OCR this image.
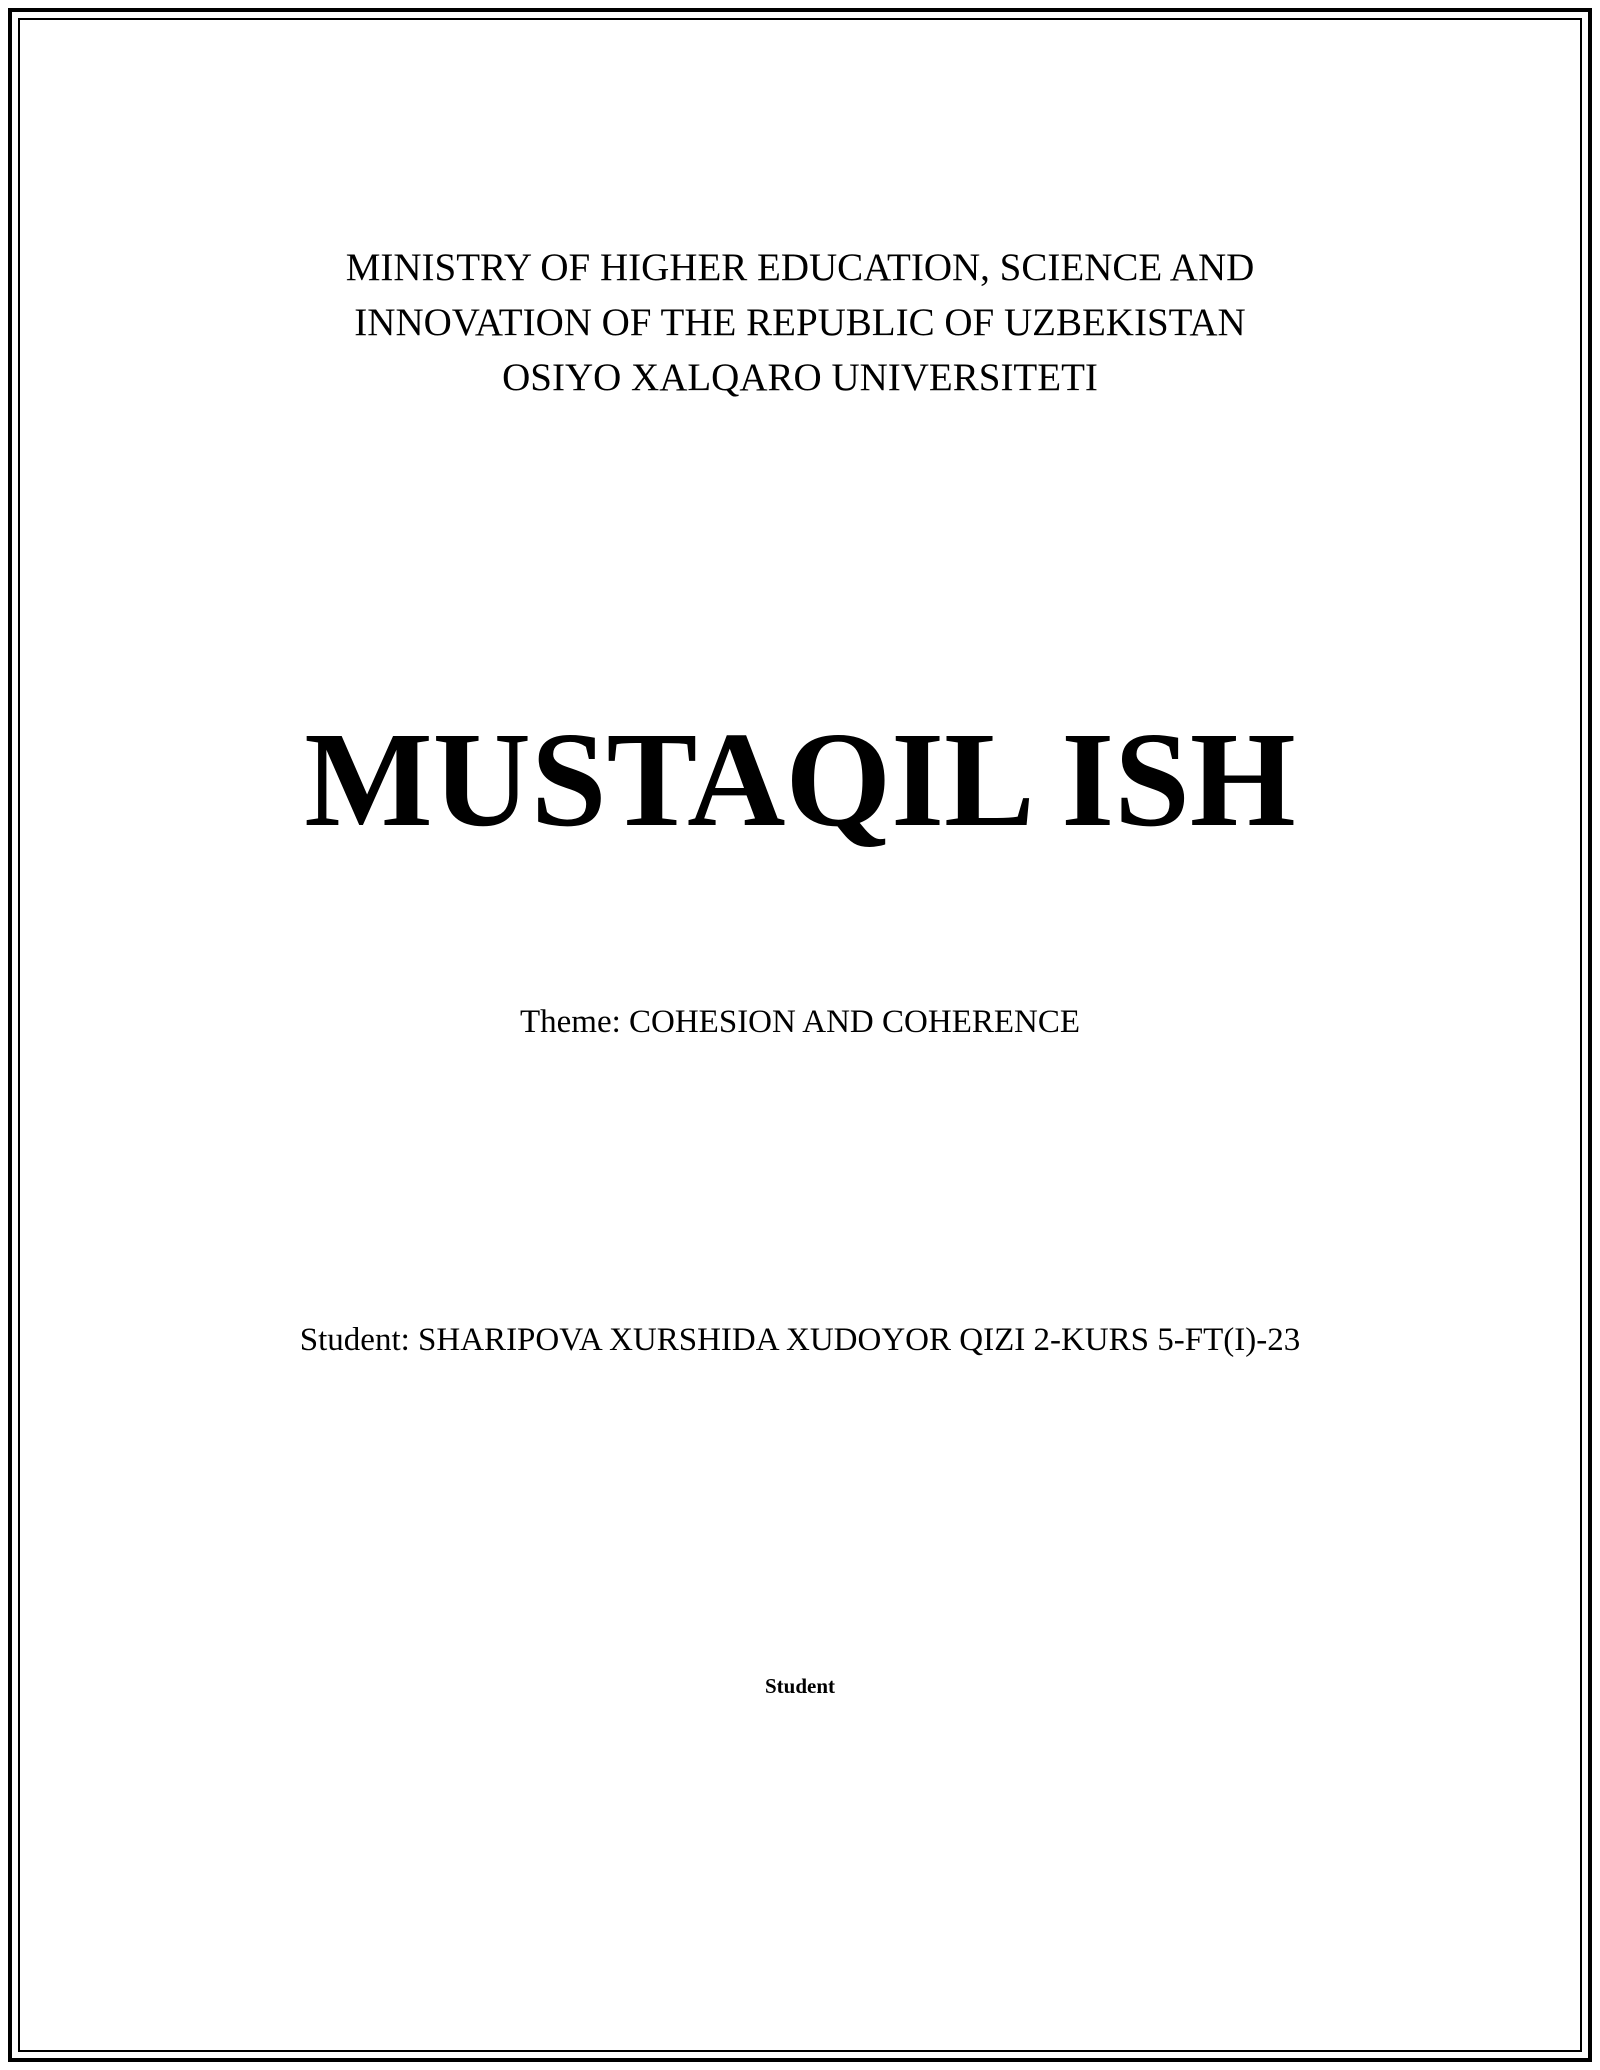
MINISTRY OF HIGHER EDUCATION, SCIENCE AND
INNOVATION OF THE REPUBLIC OF UZBEKISTAN
OSIYO XALQARO UNIVERSITETI
MUSTAQIL ISH
Theme: COHESION AND COHERENCE
Student: SHARIPOVA XURSHIDA XUDOYOR QIZI 2-KURS 5-FT(I)-23
Student
